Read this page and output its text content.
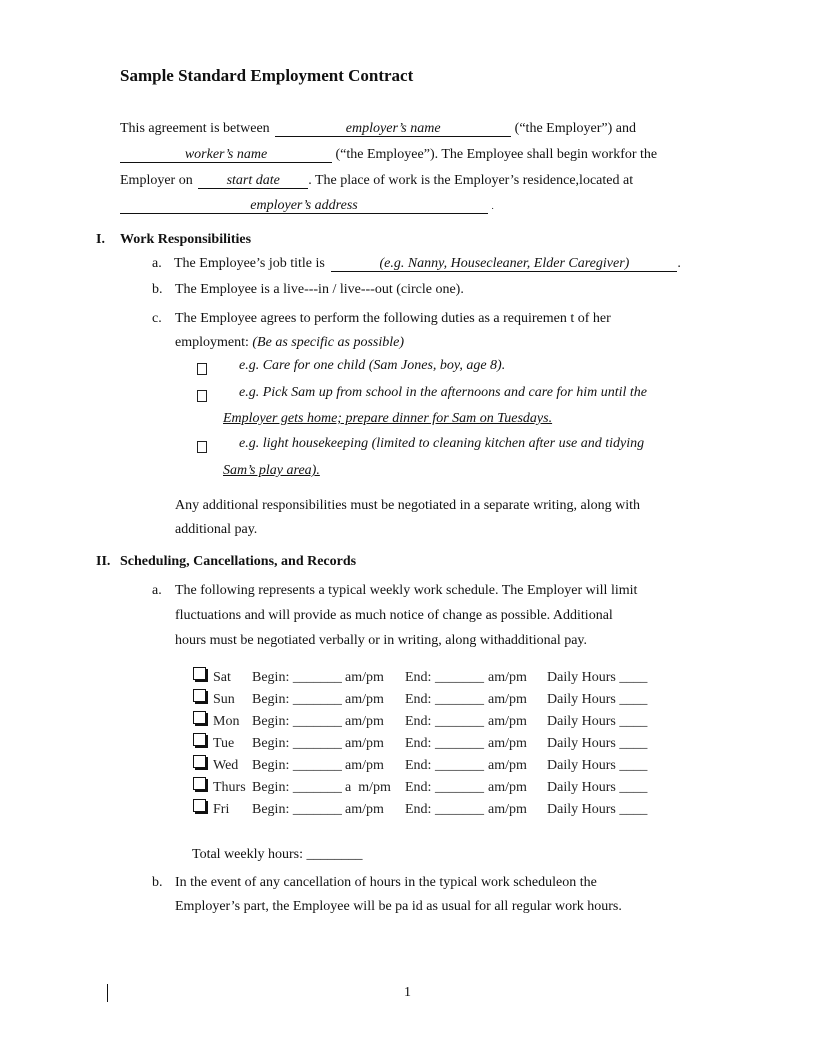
Sample Standard Employment Contract
This agreement is between	employer’s name	(“the Employer”) and
worker’s name	(“the Employee”). The Employee shall begin workfor the
Employer on start date . The place of work is the Employer’s residence,located at
employer’s address	.
I. Work Responsibilities
a. The Employee’s job title is	(e.g. Nanny, Housecleaner, Elder Caregiver)	.
b. The Employee is a live---in / live---out (circle one).
c. The Employee agrees to perform the following duties as a requiremen t of her
employment: (Be as specific as possible)
e.g. Care for one child (Sam Jones, boy, age 8).
e.g. Pick Sam up from school in the afternoons and care for him until the
Employer gets home; prepare dinner for Sam on Tuesdays.
e.g. light housekeeping (limited to cleaning kitchen after use and tidying
Sam’s play area).
Any additional responsibilities must be negotiated in a separate writing, along with
additional pay.
II. Scheduling, Cancellations, and Records
a. The following represents a typical weekly work schedule. The Employer will limit
fluctuations and will provide as much notice of change as possible. Additional
hours must be negotiated verbally or in writing, along withadditional pay.
Sat Begin: _______ am/pm End: _______ am/pm Daily Hours ____
Sun Begin: _______ am/pm End: _______ am/pm Daily Hours ____
Mon Begin: _______ am/pm End: _______ am/pm Daily Hours ____
Tue Begin: _______ am/pm End: _______ am/pm Daily Hours ____
Wed Begin: _______ am/pm End: _______ am/pm Daily Hours ____
Thurs Begin: _______ a  m/pm End: _______ am/pm Daily Hours ____
Fri Begin: _______ am/pm End: _______ am/pm Daily Hours ____
Total weekly hours: ________
b. In the event of any cancellation of hours in the typical work scheduleon the
Employer’s part, the Employee will be pa id as usual for all regular work hours.
1
